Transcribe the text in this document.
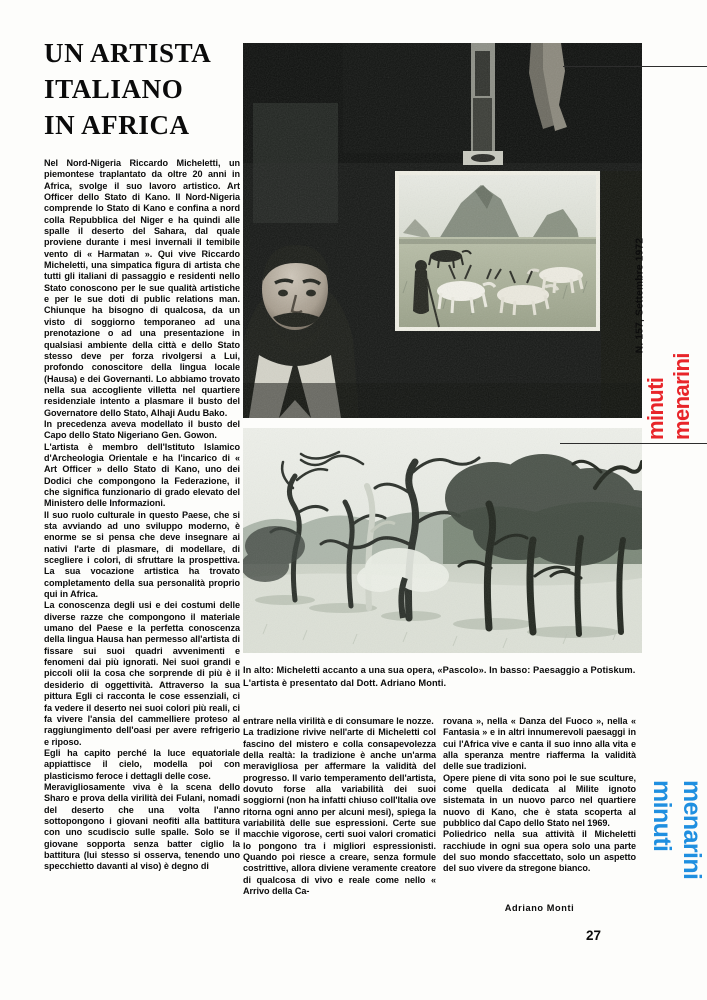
UN ARTISTA
ITALIANO
IN AFRICA

Nel Nord-Nigeria Riccardo Micheletti, un piemontese traplantato da oltre 20 anni in Africa, svolge il suo lavoro artistico. Art Officer dello Stato di Kano. Il Nord-Nigeria comprende lo Stato di Kano e confina a nord colla Repubblica del Niger e ha quindi alle spalle il deserto del Sahara, dal quale proviene durante i mesi invernali il temibile vento di « Harmatan ». Qui vive Riccardo Micheletti, una simpatica figura di artista che tutti gli italiani di passaggio e residenti nello Stato conoscono per le sue qualità artistiche e per le sue doti di public relations man. Chiunque ha bisogno di qualcosa, da un visto di soggiorno temporaneo ad una prenotazione o ad una presentazione in qualsiasi ambiente della città e dello Stato stesso deve per forza rivolgersi a Lui, profondo conoscitore della lingua locale (Hausa) e dei Governanti. Lo abbiamo trovato nella sua accogliente villetta nel quartiere residenziale intento a plasmare il busto del Governatore dello Stato, Alhaji Audu Bako.

In precedenza aveva modellato il busto del Capo dello Stato Nigeriano Gen. Gowon.

L'artista è membro dell'Istituto Islamico d'Archeologia Orientale e ha l'incarico di « Art Officer » dello Stato di Kano, uno dei Dodici che compongono la Federazione, il che significa funzionario di grado elevato del Ministero delle Informazioni.

Il suo ruolo culturale in questo Paese, che si sta avviando ad uno sviluppo moderno, è enorme se si pensa che deve insegnare ai nativi l'arte di plasmare, di modellare, di scegliere i colori, di sfruttare la prospettiva. La sua vocazione artistica ha trovato completamento della sua personalità proprio qui in Africa.

La conoscenza degli usi e dei costumi delle diverse razze che compongono il materiale umano del Paese e la perfetta conoscenza della lingua Hausa han permesso all'artista di fissare sui suoi quadri avvenimenti e fenomeni dai più ignorati. Nei suoi grandi e piccoli olii la cosa che sorprende di più è il desiderio di oggettività. Attraverso la sua pittura Egli ci racconta le cose essenziali, ci fa vedere il deserto nei suoi colori più reali, ci fa vivere l'ansia del cammelliere proteso al raggiungimento dell'oasi per avere refrigerio e riposo.

Egli ha capito perché la luce equatoriale appiattisce il cielo, modella poi con plasticismo feroce i dettagli delle cose.

Meravigliosamente viva è la scena dello Sharo e prova della virilità dei Fulani, nomadi del deserto che una volta l'anno sottopongono i giovani neofiti alla battitura con uno scudiscio sulle spalle. Solo se il giovane sopporta senza batter ciglio la battitura (lui stesso si osserva, tenendo uno specchietto davanti al viso) è degno di

In alto: Micheletti accanto a una sua opera, «Pascolo». In basso: Paesaggio a Potiskum. L'artista è presentato dal Dott. Adriano Monti.

entrare nella virilità e di consumare le nozze.

La tradizione rivive nell'arte di Micheletti col fascino del mistero e colla consapevolezza della realtà: la tradizione è anche un'arma meravigliosa per affermare la validità del progresso. Il vario temperamento dell'artista, dovuto forse alla variabilità dei suoi soggiorni (non ha infatti chiuso coll'Italia ove ritorna ogni anno per alcuni mesi), spiega la variabilità delle sue espressioni. Certe sue macchie vigorose, certi suoi valori cromatici lo pongono tra i migliori espressionisti. Quando poi riesce a creare, senza formule costrittive, allora diviene veramente creatore di qualcosa di vivo e reale come nello « Arrivo della Ca-

rovana », nella « Danza del Fuoco », nella « Fantasia » e in altri innumerevoli paesaggi in cui l'Africa vive e canta il suo inno alla vita e alla speranza mentre riafferma la validità delle sue tradizioni.

Opere piene di vita sono poi le sue sculture, come quella dedicata al Milite ignoto sistemata in un nuovo parco nel quartiere nuovo di Kano, che è stata scoperta al pubblico dal Capo dello Stato nel 1969.

Poliedrico nella sua attività il Micheletti racchiude in ogni sua opera solo una parte del suo mondo sfaccettato, solo un aspetto del suo vivere da stregone bianco.

Adriano Monti
27
N. 157, Settembre 1972
minuti menarini
minuti menarini
